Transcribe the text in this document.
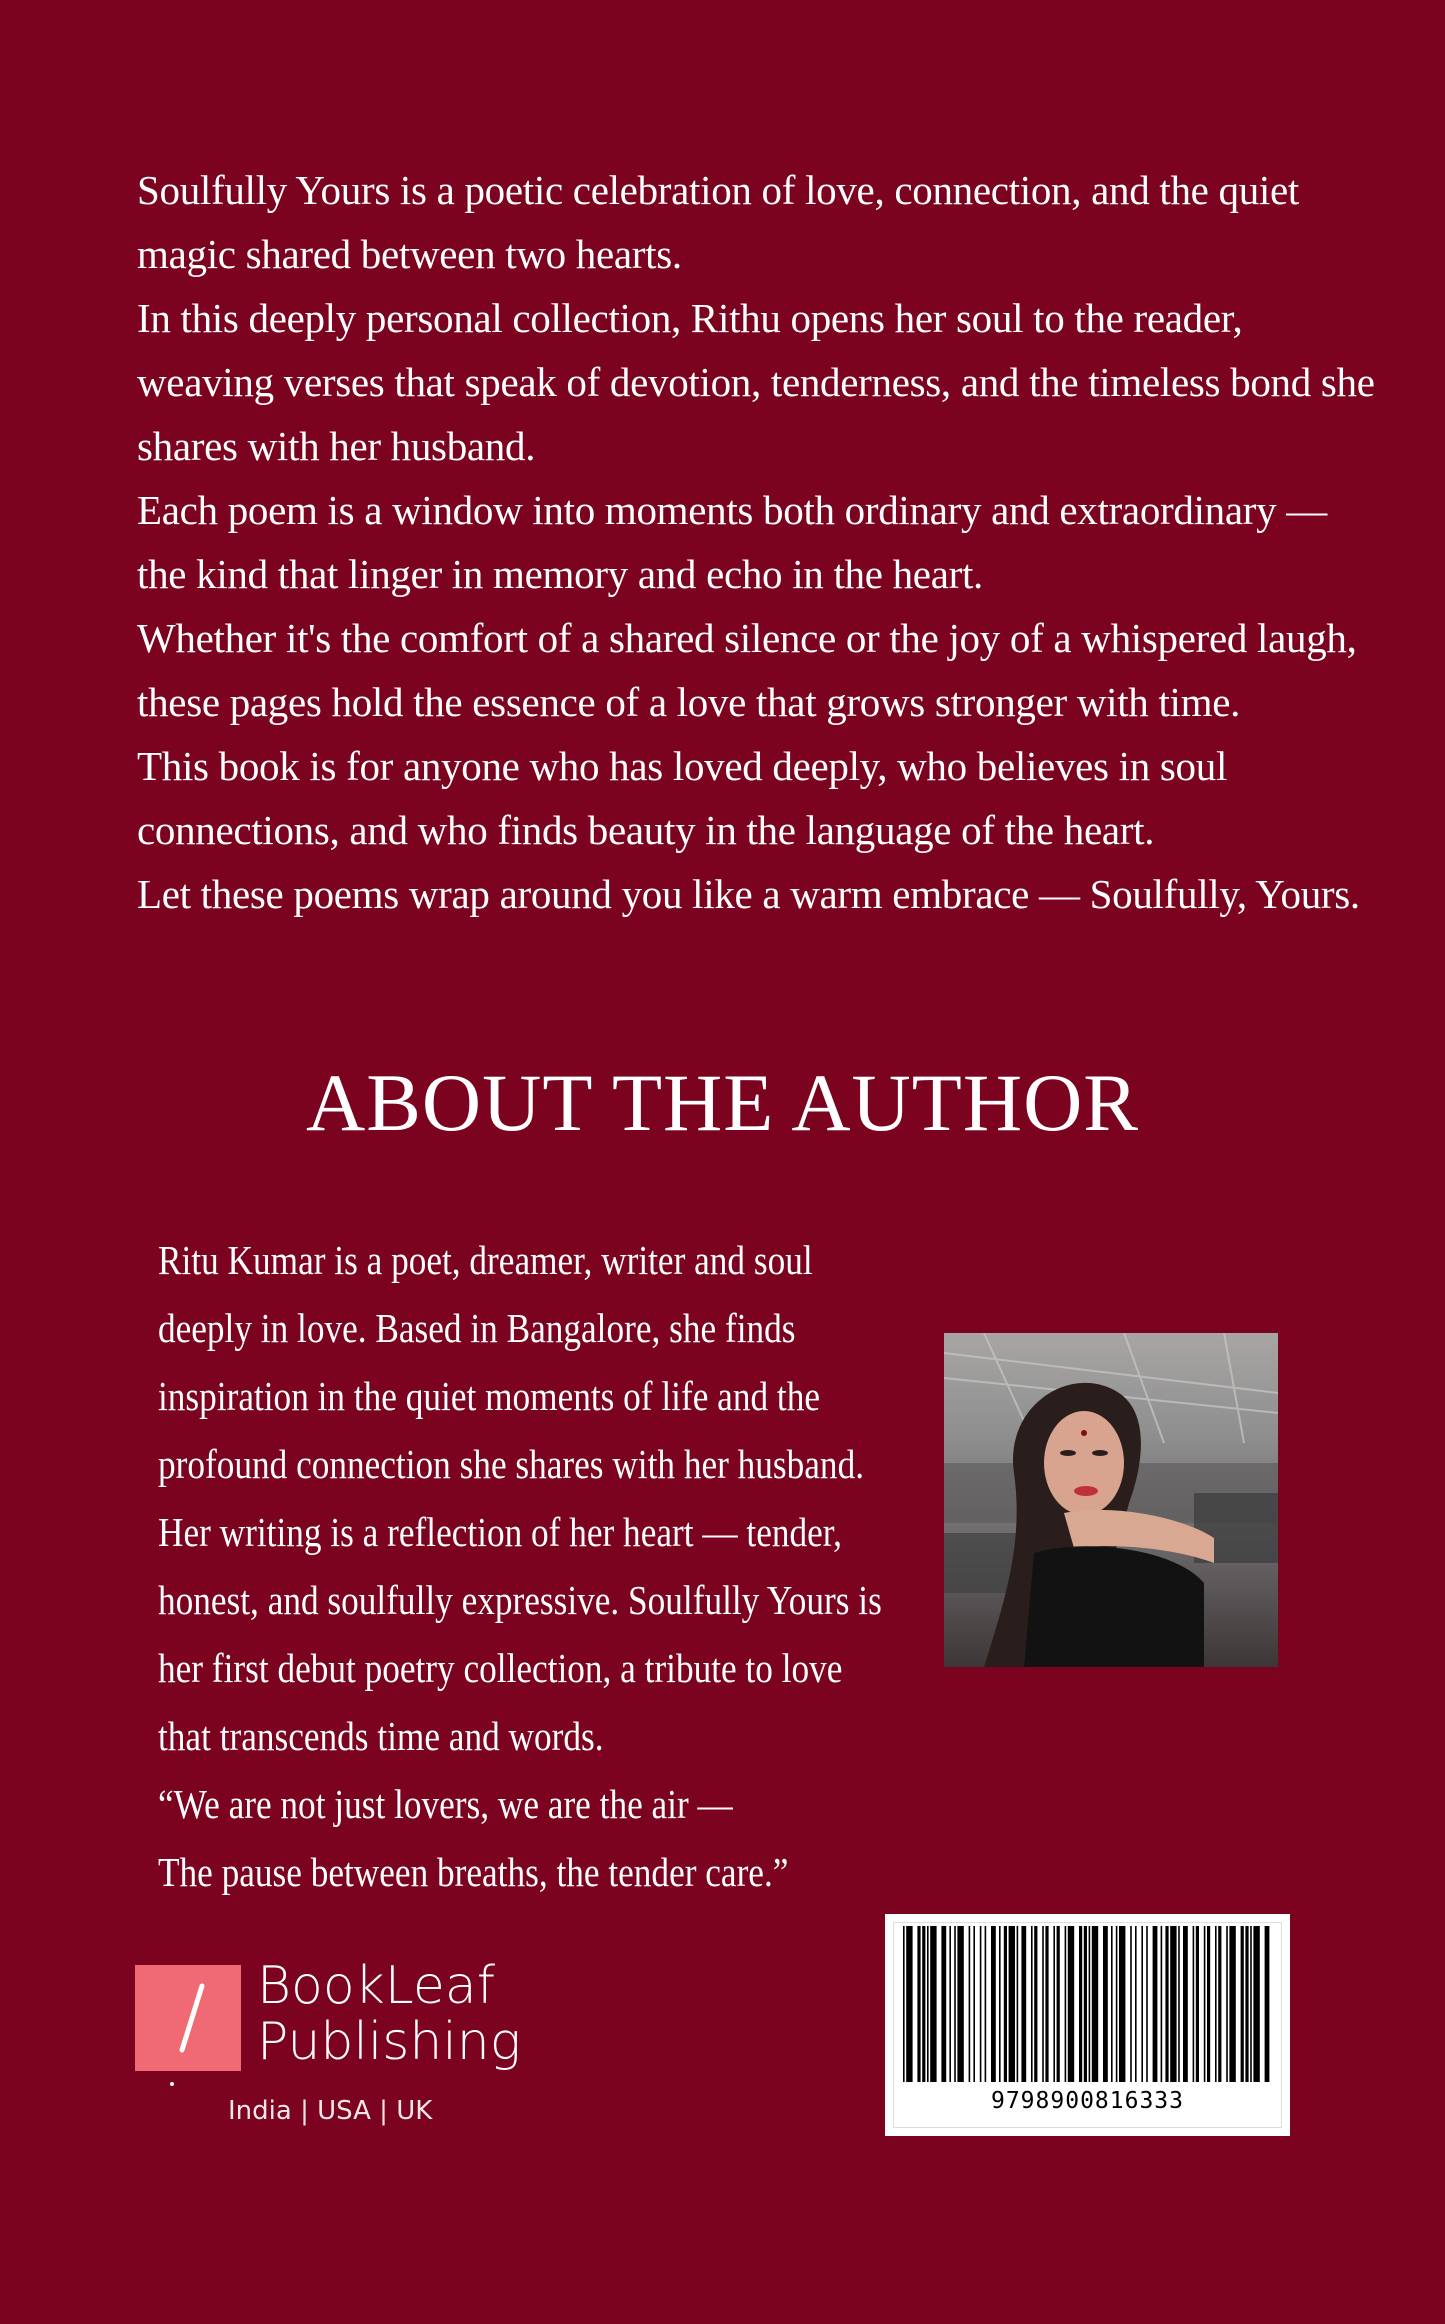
Soulfully Yours is a poetic celebration of love, connection, and the quiet

magic shared between two hearts.

In this deeply personal collection, Rithu opens her soul to the reader,

weaving verses that speak of devotion, tenderness, and the timeless bond she

shares with her husband.

Each poem is a window into moments both ordinary and extraordinary —

the kind that linger in memory and echo in the heart.

Whether it's the comfort of a shared silence or the joy of a whispered laugh,

these pages hold the essence of a love that grows stronger with time.

This book is for anyone who has loved deeply, who believes in soul

connections, and who finds beauty in the language of the heart.

Let these poems wrap around you like a warm embrace — Soulfully, Yours.

ABOUT THE AUTHOR

Ritu Kumar is a poet, dreamer, writer and soul

deeply in love. Based in Bangalore, she finds

inspiration in the quiet moments of life and the

profound connection she shares with her husband.

Her writing is a reflection of her heart — tender,

honest, and soulfully expressive. Soulfully Yours is

her first debut poetry collection, a tribute to love

that transcends time and words.

“We are not just lovers, we are the air —

The pause between breaths, the tender care.”

BookLeaf
Publishing
India | USA | UK	9798900816333
